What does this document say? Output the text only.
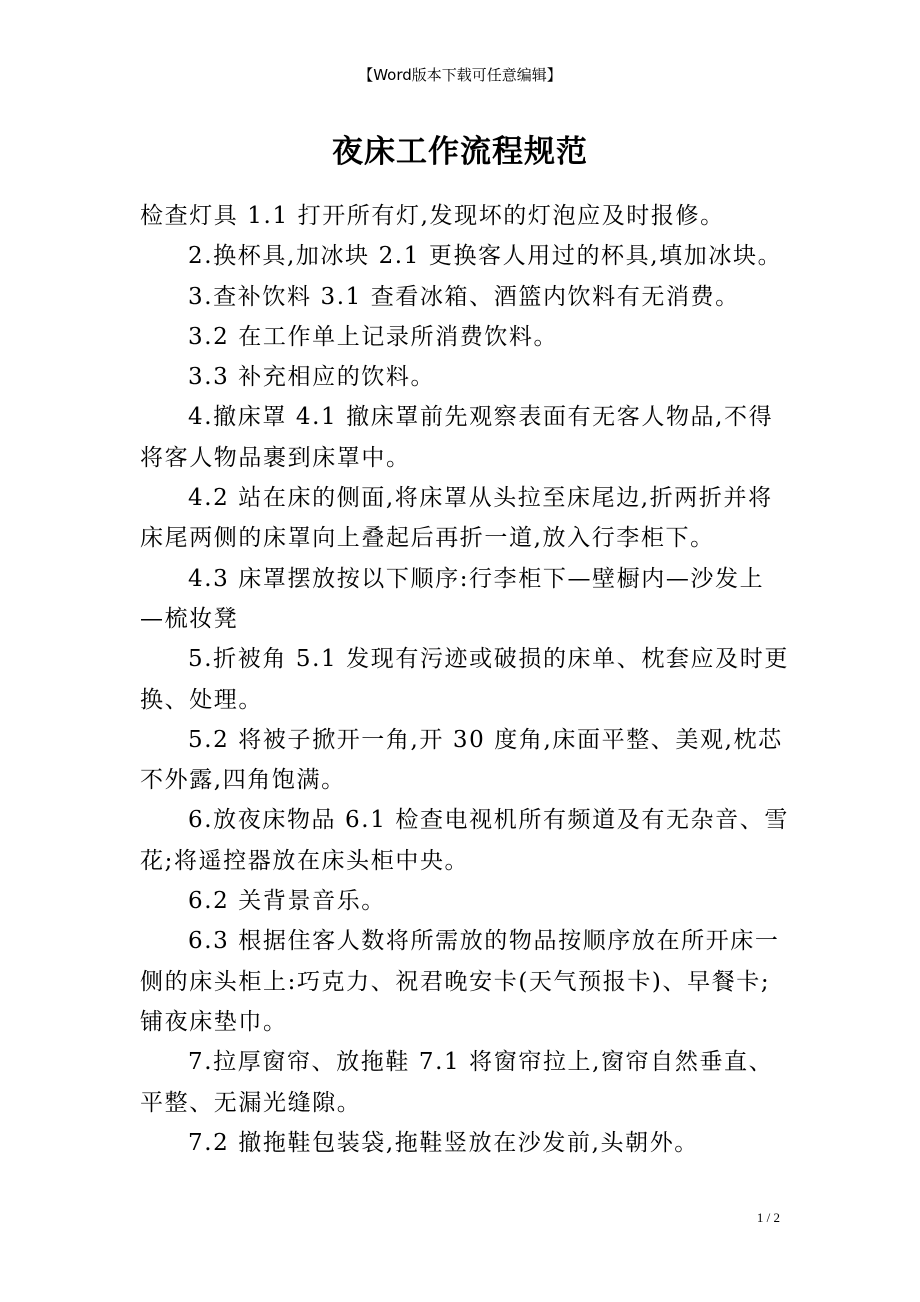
【Word版本下载可任意编辑】
夜床工作流程规范
检查灯具 1.1 打开所有灯,发现坏的灯泡应及时报修。
2.换杯具,加冰块 2.1 更换客人用过的杯具,填加冰块。
3.查补饮料 3.1 查看冰箱、酒篮内饮料有无消费。
3.2 在工作单上记录所消费饮料。
3.3 补充相应的饮料。
4.撤床罩 4.1 撤床罩前先观察表面有无客人物品,不得
将客人物品裹到床罩中。
4.2 站在床的侧面,将床罩从头拉至床尾边,折两折并将
床尾两侧的床罩向上叠起后再折一道,放入行李柜下。
4.3 床罩摆放按以下顺序:行李柜下—壁橱内—沙发上
—梳妆凳
5.折被角 5.1 发现有污迹或破损的床单、枕套应及时更
换、处理。
5.2 将被子掀开一角,开 30 度角,床面平整、美观,枕芯
不外露,四角饱满。
6.放夜床物品 6.1 检查电视机所有频道及有无杂音、雪
花;将遥控器放在床头柜中央。
6.2 关背景音乐。
6.3 根据住客人数将所需放的物品按顺序放在所开床一
侧的床头柜上:巧克力、祝君晚安卡(天气预报卡)、早餐卡;
铺夜床垫巾。
7.拉厚窗帘、放拖鞋 7.1 将窗帘拉上,窗帘自然垂直、
平整、无漏光缝隙。
7.2 撤拖鞋包装袋,拖鞋竖放在沙发前,头朝外。
1 / 2
